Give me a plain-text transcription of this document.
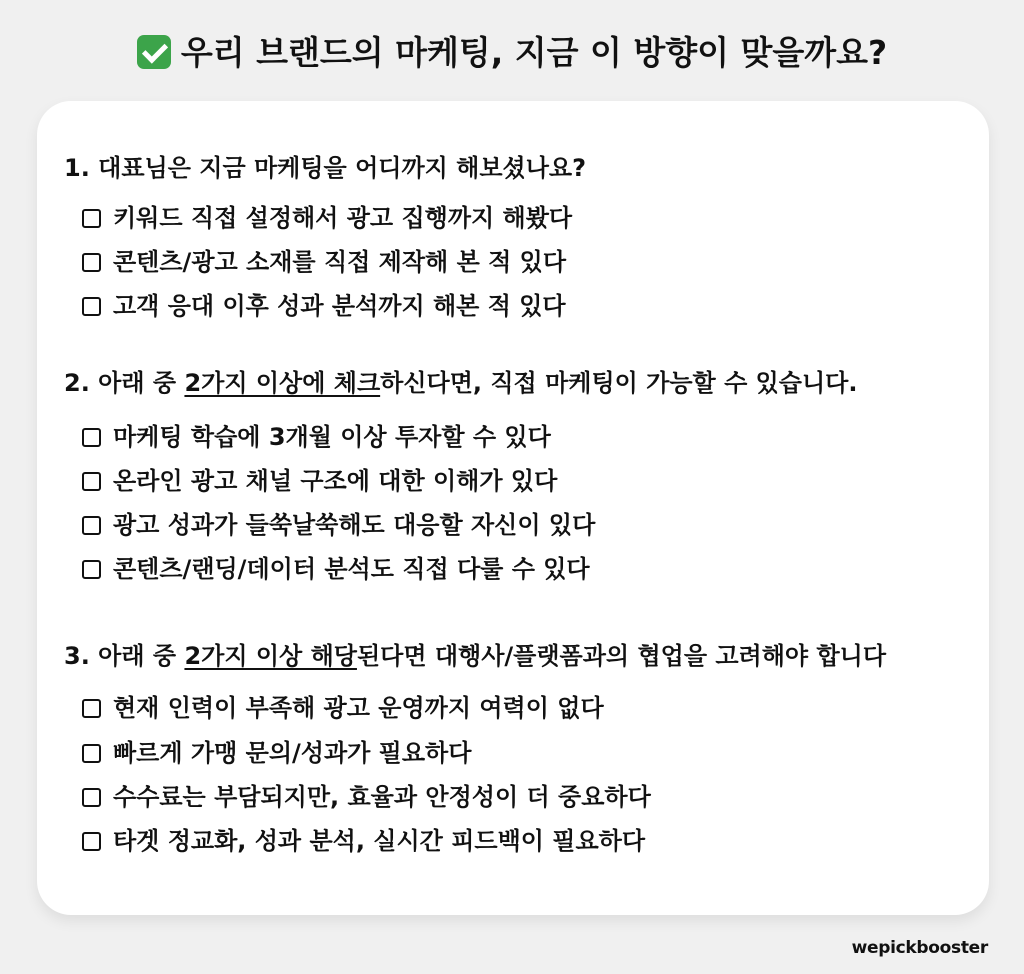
우리 브랜드의 마케팅, 지금 이 방향이 맞을까요?
1. 대표님은 지금 마케팅을 어디까지 해보셨나요?
키워드 직접 설정해서 광고 집행까지 해봤다
콘텐츠/광고 소재를 직접 제작해 본 적 있다
고객 응대 이후 성과 분석까지 해본 적 있다
2. 아래 중 2가지 이상에 체크하신다면, 직접 마케팅이 가능할 수 있습니다.
마케팅 학습에 3개월 이상 투자할 수 있다
온라인 광고 채널 구조에 대한 이해가 있다
광고 성과가 들쑥날쑥해도 대응할 자신이 있다
콘텐츠/랜딩/데이터 분석도 직접 다룰 수 있다
3. 아래 중 2가지 이상 해당된다면 대행사/플랫폼과의 협업을 고려해야 합니다
현재 인력이 부족해 광고 운영까지 여력이 없다
빠르게 가맹 문의/성과가 필요하다
수수료는 부담되지만, 효율과 안정성이 더 중요하다
타겟 정교화, 성과 분석, 실시간 피드백이 필요하다
wepickbooster
